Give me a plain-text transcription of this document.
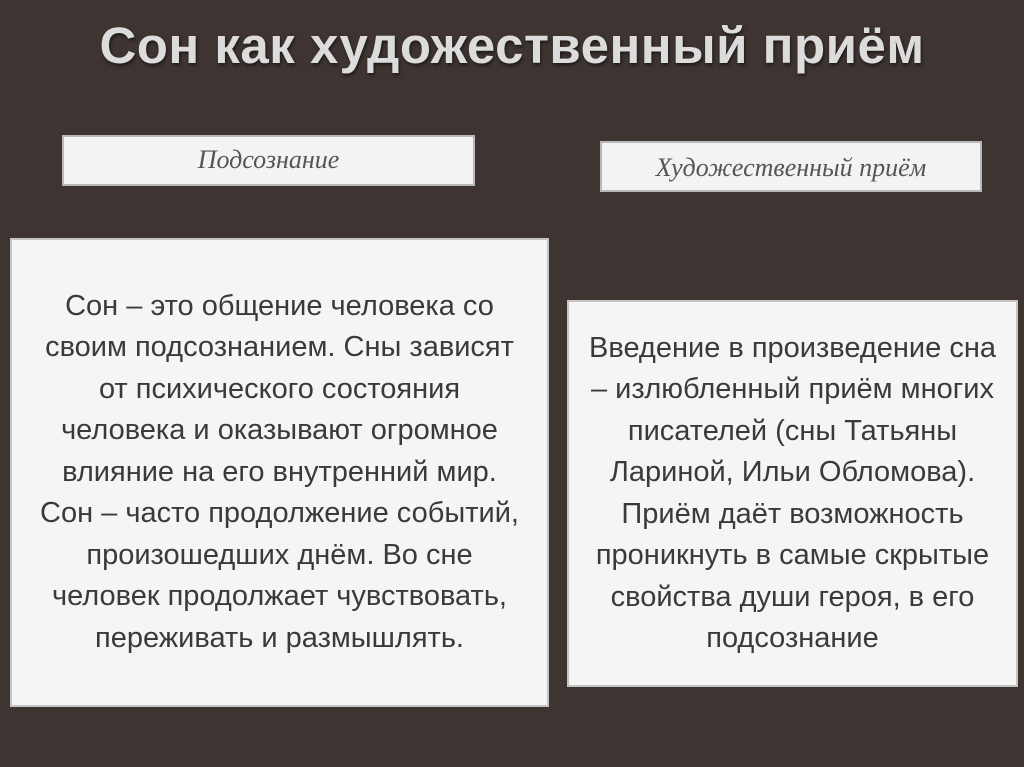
Сон как художественный приём
Подсознание	Художественный приём
Сон – это общение человека со своим подсознанием. Сны зависят от психического состояния человека и оказывают огромное влияние на его внутренний мир. Сон – часто продолжение событий, произошедших днём. Во сне человек продолжает чувствовать, переживать и размышлять.
Введение в произведение сна – излюбленный приём многих писателей (сны Татьяны Лариной, Ильи Обломова). Приём даёт возможность проникнуть в самые скрытые свойства души героя, в его подсознание
